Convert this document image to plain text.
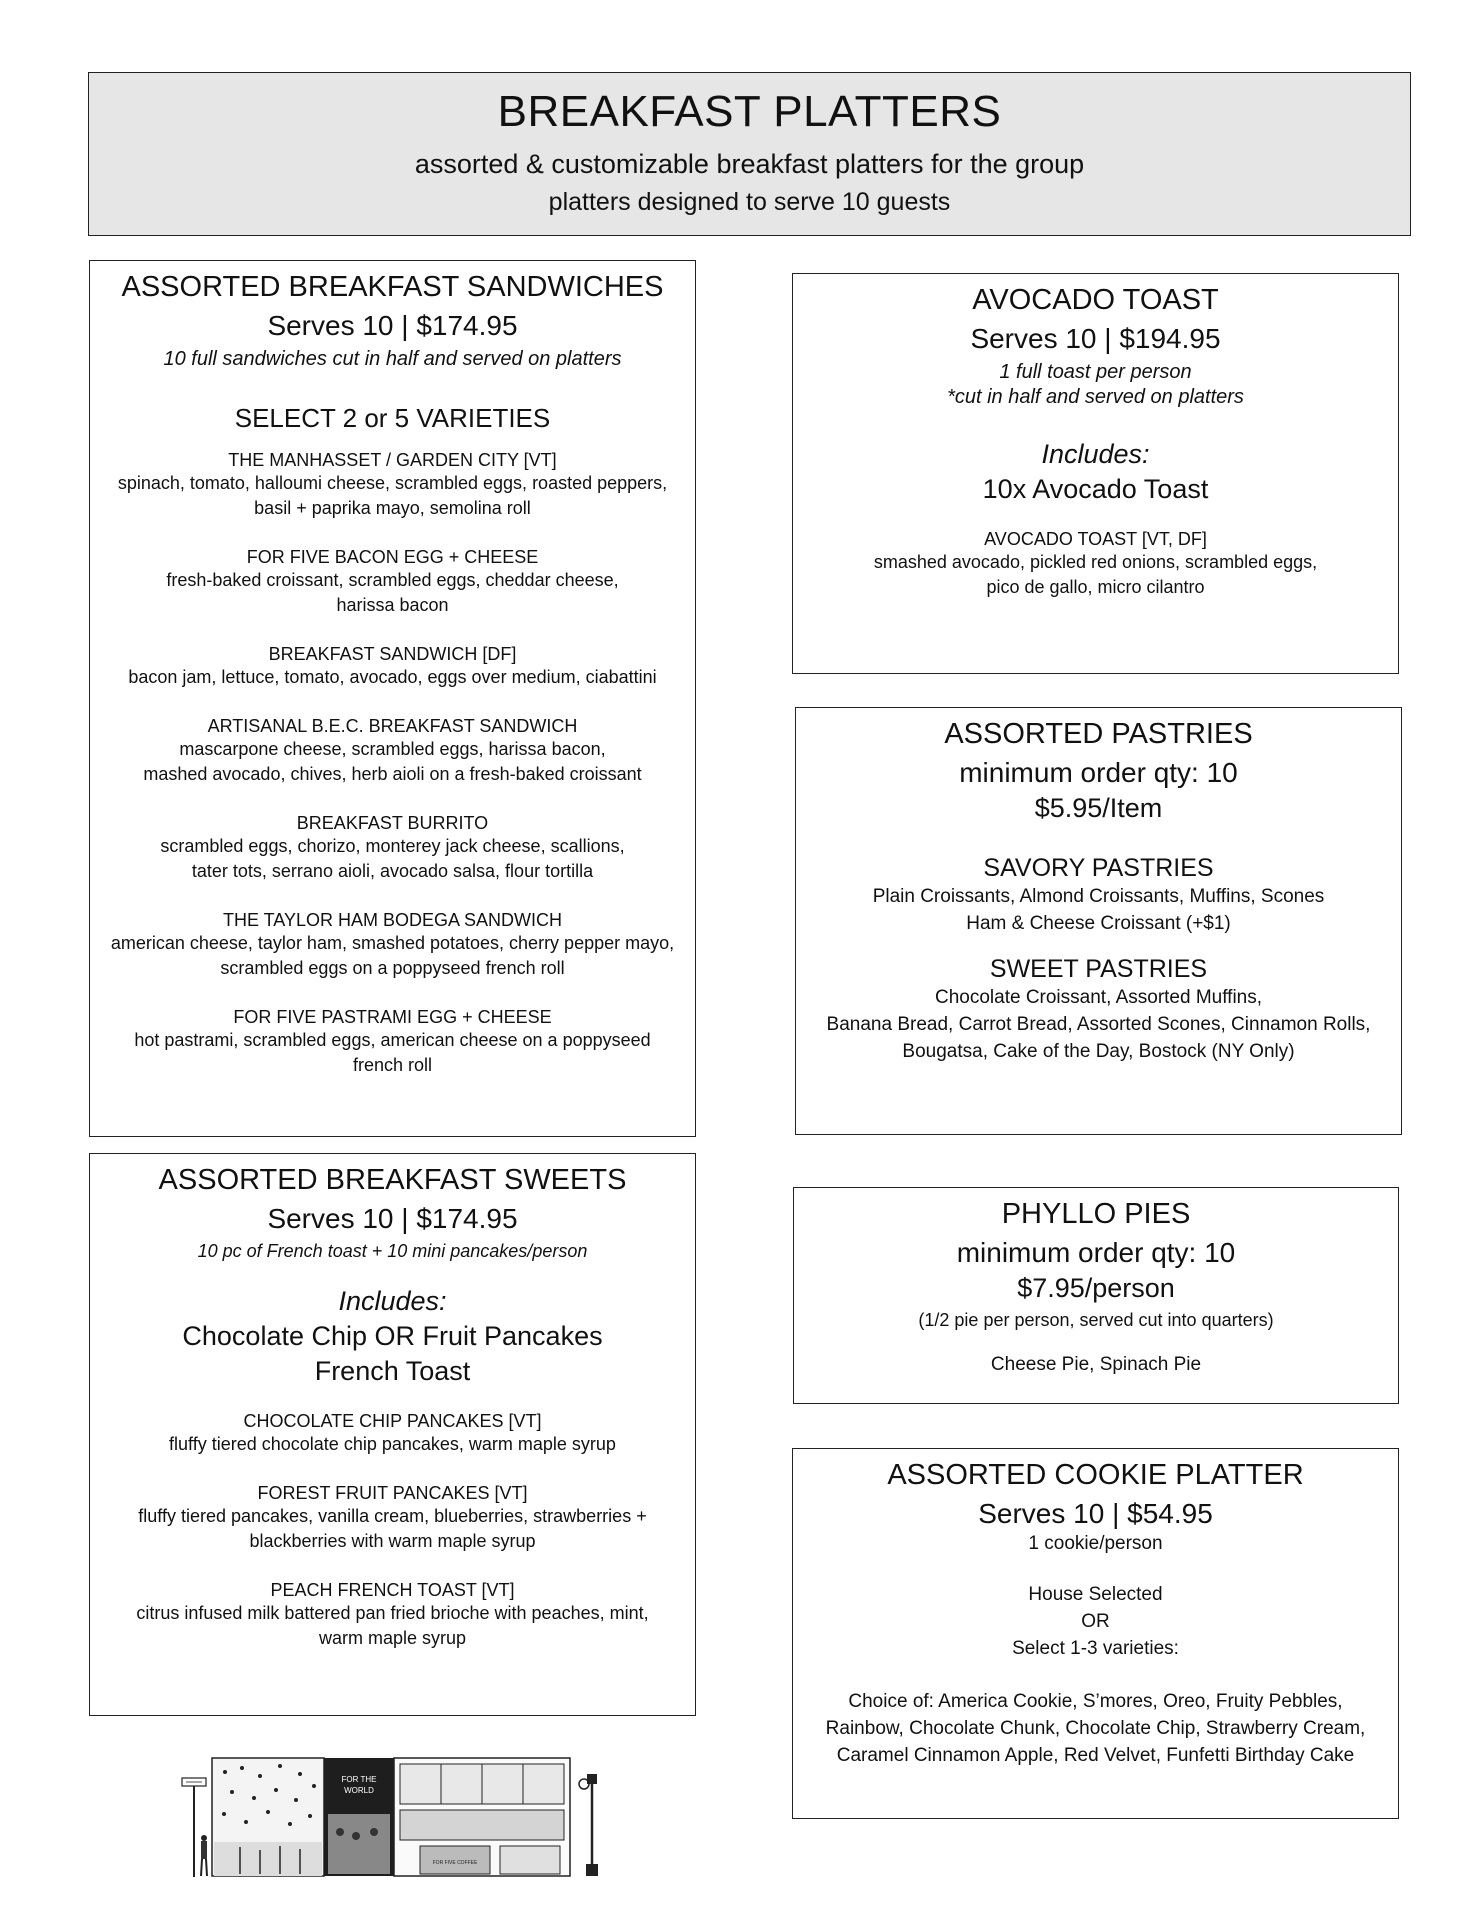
BREAKFAST PLATTERS
assorted & customizable breakfast platters for the group
platters designed to serve 10 guests
ASSORTED BREAKFAST SANDWICHES
Serves 10 | $174.95
10 full sandwiches cut in half and served on platters
SELECT 2 or 5 VARIETIES
THE MANHASSET / GARDEN CITY [VT]
spinach, tomato, halloumi cheese, scrambled eggs, roasted peppers,
basil + paprika mayo, semolina roll
FOR FIVE BACON EGG + CHEESE
fresh-baked croissant, scrambled eggs, cheddar cheese,
harissa bacon
BREAKFAST SANDWICH [DF]
bacon jam, lettuce, tomato, avocado, eggs over medium, ciabattini
ARTISANAL B.E.C. BREAKFAST SANDWICH
mascarpone cheese, scrambled eggs, harissa bacon,
mashed avocado, chives, herb aioli on a fresh-baked croissant
BREAKFAST BURRITO
scrambled eggs, chorizo, monterey jack cheese, scallions,
tater tots, serrano aioli, avocado salsa, flour tortilla
THE TAYLOR HAM BODEGA SANDWICH
american cheese, taylor ham, smashed potatoes, cherry pepper mayo,
scrambled eggs on a poppyseed french roll
FOR FIVE PASTRAMI EGG + CHEESE
hot pastrami, scrambled eggs, american cheese on a poppyseed
french roll
AVOCADO TOAST
Serves 10 | $194.95
1 full toast per person
*cut in half and served on platters
Includes:
10x Avocado Toast
AVOCADO TOAST [VT, DF]
smashed avocado, pickled red onions, scrambled eggs,
pico de gallo, micro cilantro
ASSORTED PASTRIES
minimum order qty: 10
$5.95/Item
SAVORY PASTRIES
Plain Croissants, Almond Croissants, Muffins, Scones
Ham & Cheese Croissant (+$1)
SWEET PASTRIES
Chocolate Croissant, Assorted Muffins,
Banana Bread, Carrot Bread, Assorted Scones, Cinnamon Rolls,
Bougatsa, Cake of the Day, Bostock (NY Only)
ASSORTED BREAKFAST SWEETS
Serves 10 | $174.95
10 pc of French toast + 10 mini pancakes/person
Includes:
Chocolate Chip OR Fruit Pancakes
French Toast
CHOCOLATE CHIP PANCAKES [VT]
fluffy tiered chocolate chip pancakes, warm maple syrup
FOREST FRUIT PANCAKES [VT]
fluffy tiered pancakes, vanilla cream, blueberries, strawberries +
blackberries with warm maple syrup
PEACH FRENCH TOAST [VT]
citrus infused milk battered pan fried brioche with peaches, mint,
warm maple syrup
PHYLLO PIES
minimum order qty: 10
$7.95/person
(1/2 pie per person, served cut into quarters)
Cheese Pie, Spinach Pie
ASSORTED COOKIE PLATTER
Serves 10 | $54.95
1 cookie/person
House Selected
OR
Select 1-3 varieties:
Choice of: America Cookie, S’mores, Oreo, Fruity Pebbles,
Rainbow, Chocolate Chunk, Chocolate Chip, Strawberry Cream,
Caramel Cinnamon Apple, Red Velvet, Funfetti Birthday Cake
FOR THE
WORLD
FOR FIVE COFFEE
